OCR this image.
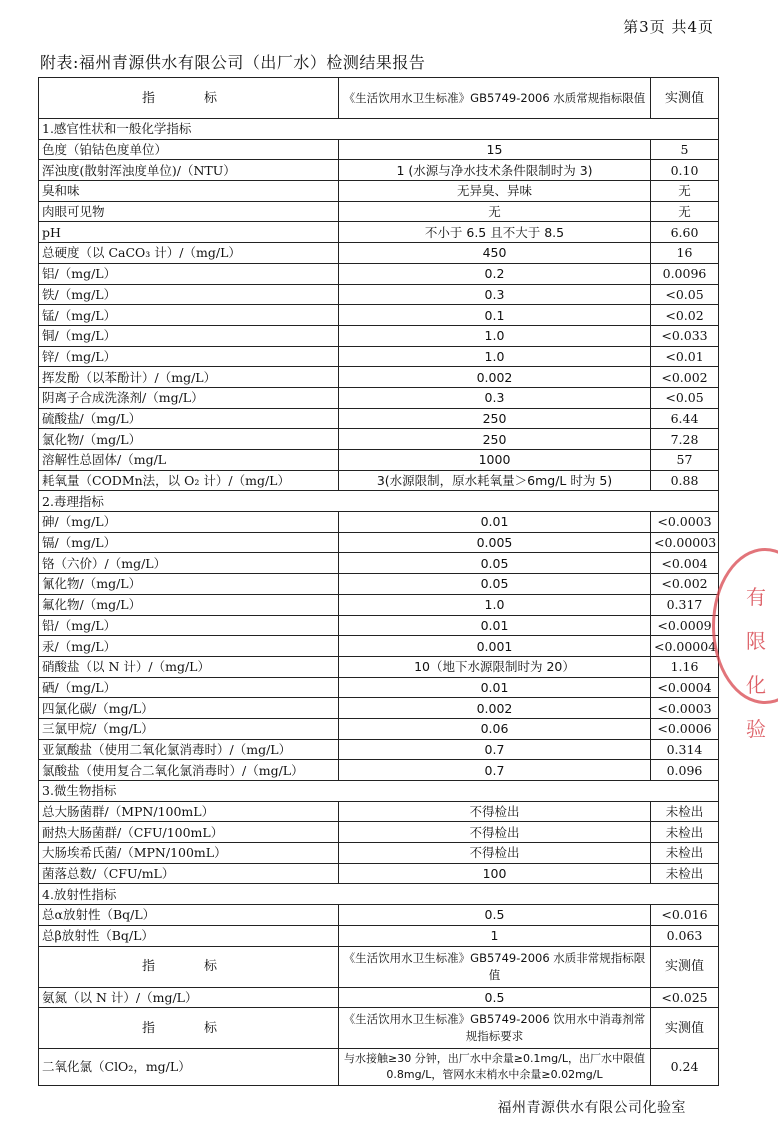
第3页 共4页
附表:福州青源供水有限公司（出厂水）检测结果报告
指　标	《生活饮用水卫生标准》GB5749-2006 水质常规指标限值	实测值
1.感官性状和一般化学指标		
色度（铂钴色度单位）	15	5
浑浊度(散射浑浊度单位)/（NTU）	1 (水源与净水技术条件限制时为 3)	0.10
臭和味	无异臭、异味	无
肉眼可见物	无	无
pH	不小于 6.5 且不大于 8.5	6.60
总硬度（以 CaCO₃ 计）/（mg/L）	450	16
铝/（mg/L）	0.2	0.0096
铁/（mg/L）	0.3	<0.05
锰/（mg/L）	0.1	<0.02
铜/（mg/L）	1.0	<0.033
锌/（mg/L）	1.0	<0.01
挥发酚（以苯酚计）/（mg/L）	0.002	<0.002
阴离子合成洗涤剂/（mg/L）	0.3	<0.05
硫酸盐/（mg/L）	250	6.44
氯化物/（mg/L）	250	7.28
溶解性总固体/（mg/L	1000	57
耗氧量（CODMn法，以 O₂ 计）/（mg/L）	3(水源限制，原水耗氧量＞6mg/L 时为 5)	0.88
2.毒理指标		
砷/（mg/L）	0.01	<0.0003
镉/（mg/L）	0.005	<0.00003
铬（六价）/（mg/L）	0.05	<0.004
氰化物/（mg/L）	0.05	<0.002
氟化物/（mg/L）	1.0	0.317
铅/（mg/L）	0.01	<0.0009
汞/（mg/L）	0.001	<0.00004
硝酸盐（以 N 计）/（mg/L）	10（地下水源限制时为 20）	1.16
硒/（mg/L）	0.01	<0.0004
四氯化碳/（mg/L）	0.002	<0.0003
三氯甲烷/（mg/L）	0.06	<0.0006
亚氯酸盐（使用二氧化氯消毒时）/（mg/L）	0.7	0.314
氯酸盐（使用复合二氧化氯消毒时）/（mg/L）	0.7	0.096
3.微生物指标		
总大肠菌群/（MPN/100mL）	不得检出	未检出
耐热大肠菌群/（CFU/100mL）	不得检出	未检出
大肠埃希氏菌/（MPN/100mL）	不得检出	未检出
菌落总数/（CFU/mL）	100	未检出
4.放射性指标		
总α放射性（Bq/L）	0.5	<0.016
总β放射性（Bq/L）	1	0.063
指　标	《生活饮用水卫生标准》GB5749-2006 水质非常规指标限值	实测值
氨氮（以 N 计）/（mg/L）	0.5	<0.025
指　标	《生活饮用水卫生标准》GB5749-2006 饮用水中消毒剂常规指标要求	实测值
二氧化氯（ClO₂，mg/L）	与水接触≥30 分钟，出厂水中余量≥0.1mg/L，出厂水中限值 0.8mg/L，管网水末梢水中余量≥0.02mg/L	0.24
有限 化验
福州青源供水有限公司化验室
